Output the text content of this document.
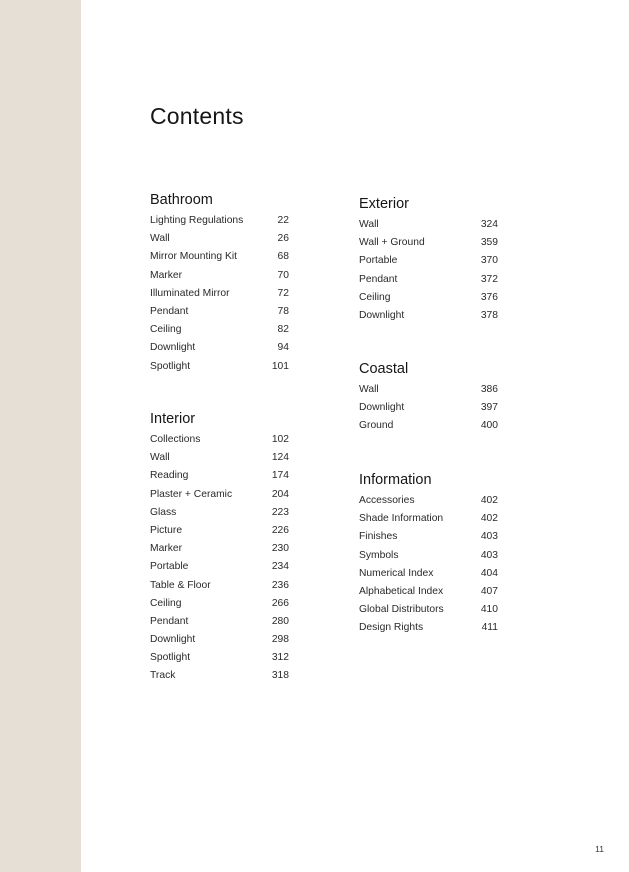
Contents
Bathroom
Lighting Regulations	22
Wall	26
Mirror Mounting Kit	68
Marker	70
Illuminated Mirror	72
Pendant	78
Ceiling	82
Downlight	94
Spotlight	101
Interior
Collections	102
Wall	124
Reading	174
Plaster + Ceramic	204
Glass	223
Picture	226
Marker	230
Portable	234
Table & Floor	236
Ceiling	266
Pendant	280
Downlight	298
Spotlight	312
Track	318
Exterior
Wall	324
Wall + Ground	359
Portable	370
Pendant	372
Ceiling	376
Downlight	378
Coastal
Wall	386
Downlight	397
Ground	400
Information
Accessories	402
Shade Information	402
Finishes	403
Symbols	403
Numerical Index	404
Alphabetical Index	407
Global Distributors	410
Design Rights	411
11
